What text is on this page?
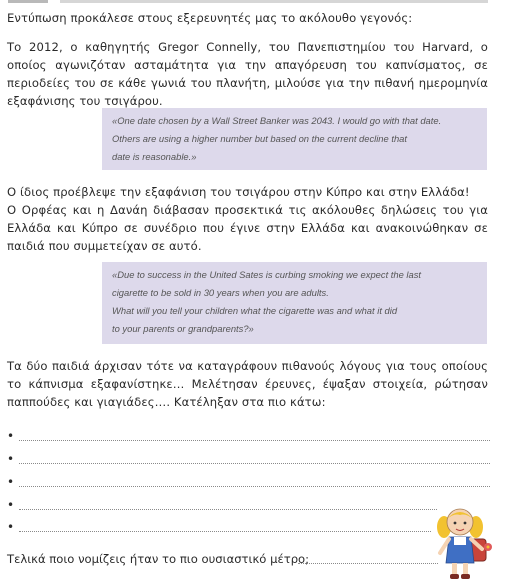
Εντύπωση προκάλεσε στους εξερευνητές μας το ακόλουθο γεγονός:
Το 2012, ο καθηγητής Gregor Connelly, του Πανεπιστημίου του Harvard, ο οποίος αγωνιζόταν ασταμάτητα για την απαγόρευση του καπνίσματος, σε περιοδείες του σε κάθε γωνιά του πλανήτη, μιλούσε για την πιθανή ημερομηνία εξαφάνισης του τσιγάρου.
«One date chosen by a Wall Street Banker was 2043. I would go with that date.
Others are using a higher number but based on the current decline that
date is reasonable.»
Ο ίδιος προέβλεψε την εξαφάνιση του τσιγάρου στην Κύπρο και στην Ελλάδα!
Ο Ορφέας και η Δανάη διάβασαν προσεκτικά τις ακόλουθες δηλώσεις του για Ελλάδα και Κύπρο σε συνέδριο που έγινε στην Ελλάδα και ανακοινώθηκαν σε παιδιά που συμμετείχαν σε αυτό.
«Due to success in the United Sates is curbing smoking we expect the last
cigarette to be sold in 30 years when you are adults.
What will you tell your children what the cigarette was and what it did
to your parents or grandparents?»
Τα δύο παιδιά άρχισαν τότε να καταγράφουν πιθανούς λόγους για τους οποίους το κάπνισμα εξαφανίστηκε… Μελέτησαν έρευνες, έψαξαν στοιχεία, ρώτησαν παππούδες και γιαγιάδες…. Κατέληξαν στα πιο κάτω:
•
•
•
•
•
Τελικά ποιο νομίζεις ήταν το πιο ουσιαστικό μέτρο;
